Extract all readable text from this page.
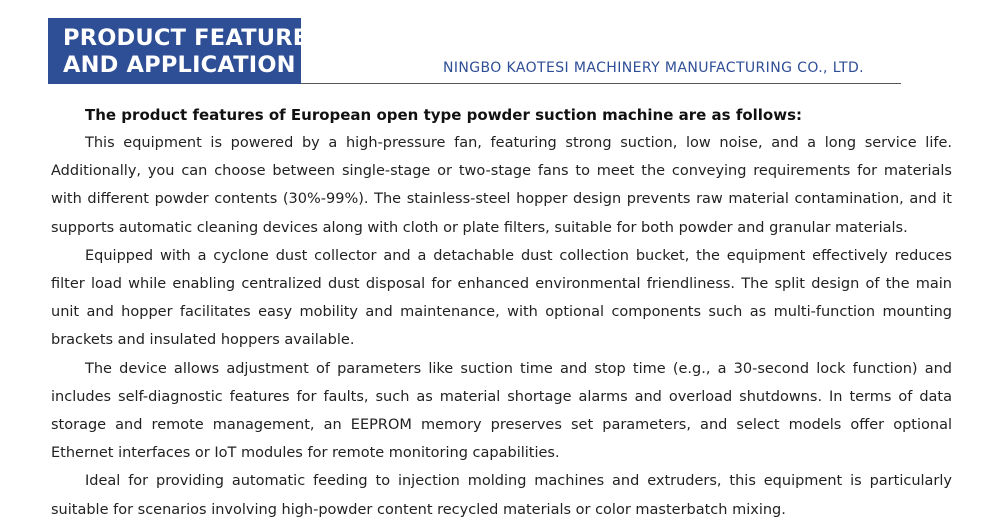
PRODUCT FEATURE
AND APPLICATION	NINGBO KAOTESI MACHINERY MANUFACTURING CO., LTD.

The product features of European open type powder suction machine are as follows:

This equipment is powered by a high-pressure fan, featuring strong suction, low noise, and a long service life. Additionally, you can choose between single-stage or two-stage fans to meet the conveying requirements for materials with different powder contents (30%-99%). The stainless-steel hopper design prevents raw material contamination, and it supports automatic cleaning devices along with cloth or plate filters, suitable for both powder and granular materials.

Equipped with a cyclone dust collector and a detachable dust collection bucket, the equipment effectively reduces filter load while enabling centralized dust disposal for enhanced environmental friendliness. The split design of the main unit and hopper facilitates easy mobility and maintenance, with optional components such as multi-function mounting brackets and insulated hoppers available.

The device allows adjustment of parameters like suction time and stop time (e.g., a 30-second lock function) and includes self-diagnostic features for faults, such as material shortage alarms and overload shutdowns. In terms of data storage and remote management, an EEPROM memory preserves set parameters, and select models offer optional Ethernet interfaces or IoT modules for remote monitoring capabilities.

Ideal for providing automatic feeding to injection molding machines and extruders, this equipment is particularly suitable for scenarios involving high-powder content recycled materials or color masterbatch mixing.
